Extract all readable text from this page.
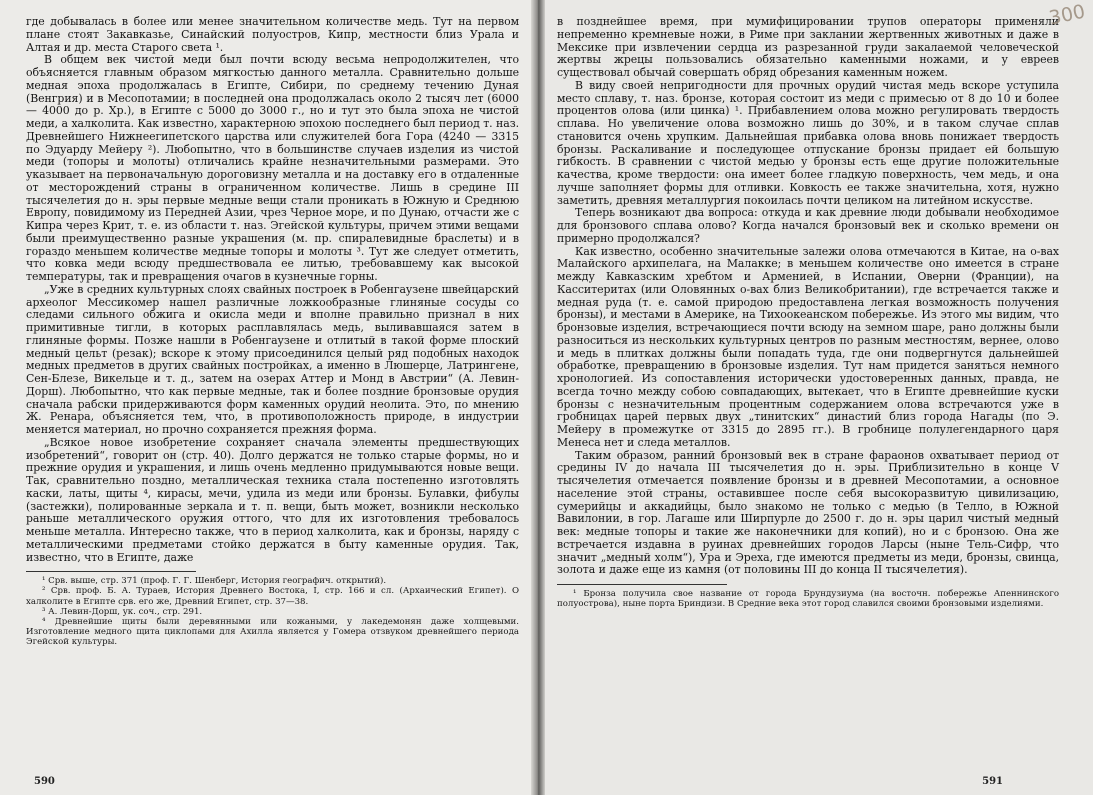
где добывалась в более или менее значительном количестве медь. Тут на первом плане стоят Закавказье, Синайский полуостров, Кипр, местности близ Урала и Алтая и др. места Старого света ¹.

В общем век чистой меди был почти всюду весьма непродолжителен, что объясняется главным образом мягкостью данного металла. Сравнительно дольше медная эпоха продолжалась в Египте, Сибири, по среднему течению Дуная (Венгрия) и в Месопотамии; в последней она продолжалась около 2 тысяч лет (6000 — 4000 до р. Хр.), в Египте с 5000 до 3000 г., но и тут это была эпоха не чистой меди, а халколита. Как известно, характерною эпохою последнего был период т. наз. Древнейшего Нижнеегипетского царства или служителей бога Гора (4240 — 3315 по Эдуарду Мейеру ²). Любопытно, что в большинстве случаев изделия из чистой меди (топоры и молоты) отличались крайне незначительными размерами. Это указывает на первоначальную дороговизну металла и на доставку его в отдаленные от месторождений страны в ограниченном количестве. Лишь в средине III тысячелетия до н. эры первые медные вещи стали проникать в Южную и Среднюю Европу, повидимому из Передней Азии, чрез Черное море, и по Дунаю, отчасти же с Кипра через Крит, т. е. из области т. наз. Эгейской культуры, причем этими вещами были преимущественно разные украшения (м. пр. спиралевидные браслеты) и в гораздо меньшем количестве медные топоры и молоты ³. Тут же следует отметить, что ковка меди всюду предшествовала ее литью, требовавшему как высокой температуры, так и превращения очагов в кузнечные горны.

„Уже в средних культурных слоях свайных построек в Робенгаузене швейцарский археолог Мессикомер нашел различные ложкообразные глиняные сосуды со следами сильного обжига и окисла меди и вполне правильно признал в них примитивные тигли, в которых расплавлялась медь, выливавшаяся затем в глиняные формы. Позже нашли в Робенгаузене и отлитый в такой форме плоский медный цельт (резак); вскоре к этому присоединился целый ряд подобных находок медных предметов в других свайных постройках, а именно в Люшерце, Латрингене, Сен-Блезе, Викельце и т. д., затем на озерах Аттер и Монд в Австрии“ (А. Левин-Дорш). Любопытно, что как первые медные, так и более поздние бронзовые орудия сначала рабски придерживаются форм каменных орудий неолита. Это, по мнению Ж. Ренара, объясняется тем, что, в противоположность природе, в индустрии меняется материал, но прочно сохраняется прежняя форма.

„Всякое новое изобретение сохраняет сначала элементы предшествующих изобретений“, говорит он (стр. 40). Долго держатся не только старые формы, но и прежние орудия и украшения, и лишь очень медленно придумываются новые вещи. Так, сравнительно поздно, металлическая техника стала постепенно изготовлять каски, латы, щиты ⁴, кирасы, мечи, удила из меди или бронзы. Булавки, фибулы (застежки), полированные зеркала и т. п. вещи, быть может, возникли несколько раньше металлического оружия оттого, что для их изготовления требовалось меньше металла. Интересно также, что в период халколита, как и бронзы, наряду с металлическими предметами стойко держатся в быту каменные орудия. Так, известно, что в Египте, даже

¹ Срв. выше, стр. 371 (проф. Г. Г. Шенберг, История географич. открытий).

² Срв. проф. Б. А. Тураев, История Древнего Востока, I, стр. 166 и сл. (Архаический Египет). О халколите в Египте срв. его же, Древний Египет, стр. 37—38.

³ А. Левин-Дорш, ук. соч., стр. 291.

⁴ Древнейшие щиты были деревянными или кожаными, у лакедемонян даже холщевыми. Изготовление медного щита циклопами для Ахилла является у Гомера отзвуком древнейшего периода Эгейской культуры.

590
300

в позднейшее время, при мумифицировании трупов операторы применяли непременно кремневые ножи, в Риме при заклании жертвенных животных и даже в Мексике при извлечении сердца из разрезанной груди закалаемой человеческой жертвы жрецы пользовались обязательно каменными ножами, и у евреев существовал обычай совершать обряд обрезания каменным ножем.

В виду своей непригодности для прочных орудий чистая медь вскоре уступила место сплаву, т. наз. бронзе, которая состоит из меди с примесью от 8 до 10 и более процентов олова (или цинка) ¹. Прибавлением олова можно регулировать твердость сплава. Но увеличение олова возможно лишь до 30%, и в таком случае сплав становится очень хрупким. Дальнейшая прибавка олова вновь понижает твердость бронзы. Раскаливание и последующее отпускание бронзы придает ей большую гибкость. В сравнении с чистой медью у бронзы есть еще другие положительные качества, кроме твердости: она имеет более гладкую поверхность, чем медь, и она лучше заполняет формы для отливки. Ковкость ее также значительна, хотя, нужно заметить, древняя металлургия покоилась почти целиком на литейном искусстве.

Теперь возникают два вопроса: откуда и как древние люди добывали необходимое для бронзового сплава олово? Когда начался бронзовый век и сколько времени он примерно продолжался?

Как известно, особенно значительные залежи олова отмечаются в Китае, на о-вах Малайского архипелага, на Малакке; в меньшем количестве оно имеется в стране между Кавказским хребтом и Арменией, в Испании, Оверни (Франции), на Касситеритах (или Оловянных о-вах близ Великобритании), где встречается также и медная руда (т. е. самой природою предоставлена легкая возможность получения бронзы), и местами в Америке, на Тихоокеанском побережье. Из этого мы видим, что бронзовые изделия, встречающиеся почти всюду на земном шаре, рано должны были разноситься из нескольких культурных центров по разным местностям, вернее, олово и медь в плитках должны были попадать туда, где они подвергнутся дальнейшей обработке, превращению в бронзовые изделия. Тут нам придется заняться немного хронологией. Из сопоставления исторически удостоверенных данных, правда, не всегда точно между собою совпадающих, вытекает, что в Египте древнейшие куски бронзы с незначительным процентным содержанием олова встречаются уже в гробницах царей первых двух „тинитских“ династий близ города Нагады (по Э. Мейеру в промежутке от 3315 до 2895 гг.). В гробнице полулегендарного царя Менеса нет и следа металлов.

Таким образом, ранний бронзовый век в стране фараонов охватывает период от средины IV до начала III тысячелетия до н. эры. Приблизительно в конце V тысячелетия отмечается появление бронзы и в древней Месопотамии, а основное население этой страны, оставившее после себя высокоразвитую цивилизацию, сумерийцы и аккадийцы, было знакомо не только с медью (в Телло, в Южной Вавилонии, в гор. Лагаше или Ширпурле до 2500 г. до н. эры царил чистый медный век: медные топоры и такие же наконечники для копий), но и с бронзою. Она же встречается издавна в руинах древнейших городов Ларсы (ныне Тель-Сифр, что значит „медный холм“), Ура и Эреха, где имеются предметы из меди, бронзы, свинца, золота и даже еще из камня (от половины III до конца II тысячелетия).

¹ Бронза получила свое название от города Брундузиума (на восточн. побережье Апеннинского полуострова), ныне порта Бриндизи. В Средние века этот город славился своими бронзовыми изделиями.

591
